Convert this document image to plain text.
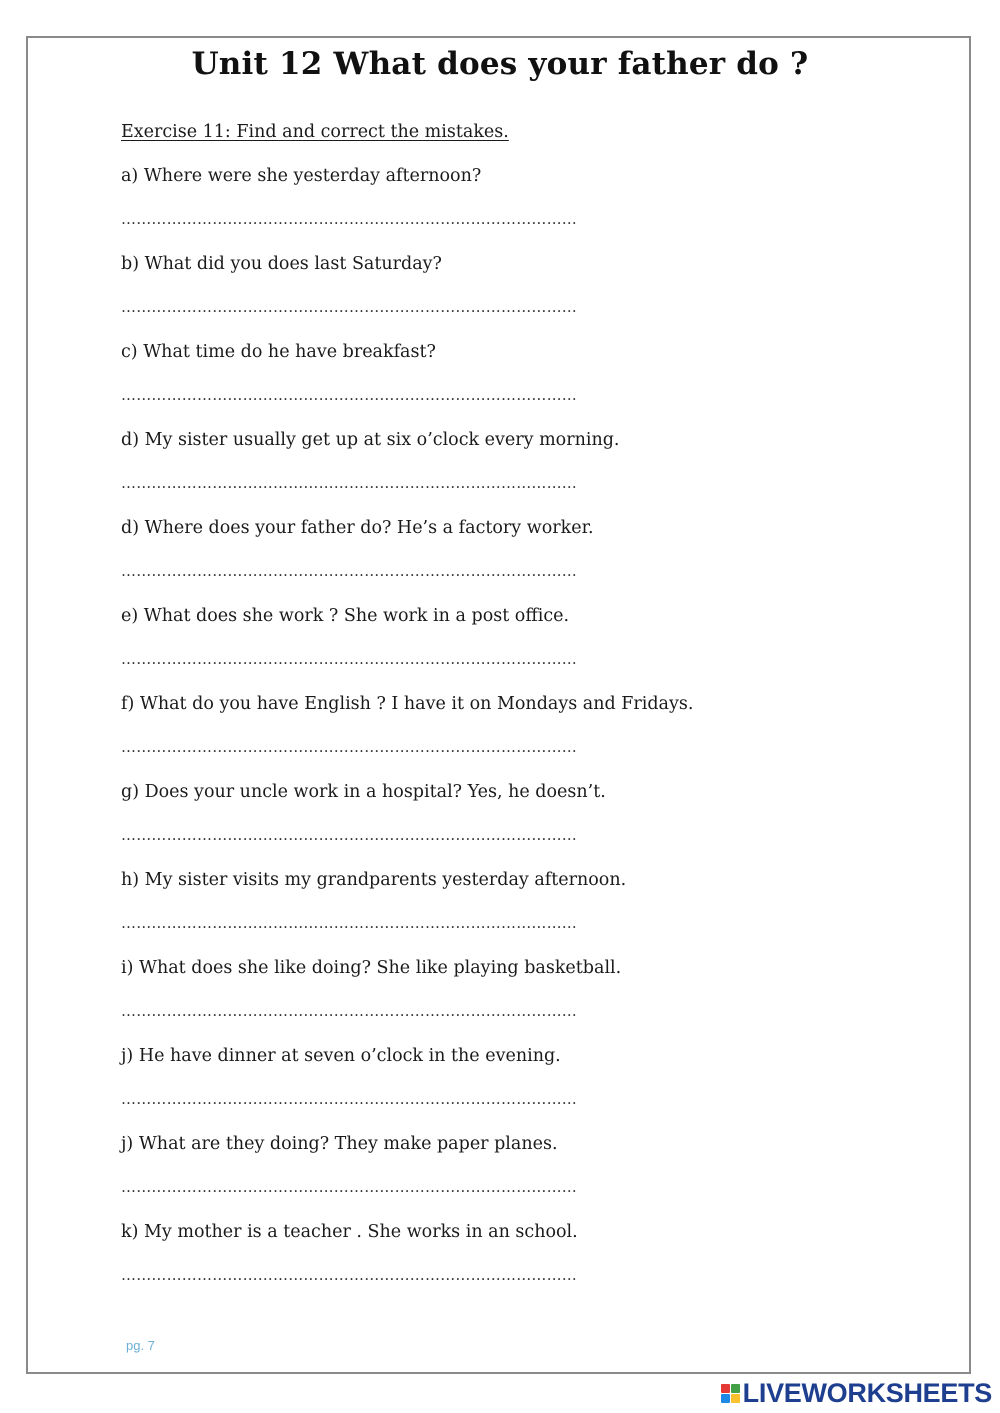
Unit 12 What does your father do ?
Exercise 11: Find and correct the mistakes.
a) Where were she yesterday afternoon?
………………………………………………………………………………
b) What did you does last Saturday?
………………………………………………………………………………
c) What time do he have breakfast?
………………………………………………………………………………
d) My sister usually get up at six o’clock every morning.
………………………………………………………………………………
d) Where does your father do? He’s a factory worker.
………………………………………………………………………………
e) What does she work ? She work in a post office.
………………………………………………………………………………
f) What do you have English ? I have it on Mondays and Fridays.
………………………………………………………………………………
g) Does your uncle work in a hospital? Yes, he doesn’t.
………………………………………………………………………………
h) My sister visits my grandparents yesterday afternoon.
………………………………………………………………………………
i) What does she like doing? She like playing basketball.
………………………………………………………………………………
j) He have dinner at seven o’clock in the evening.
………………………………………………………………………………
j) What are they doing? They make paper planes.
………………………………………………………………………………
k) My mother is a teacher . She works in an school.
………………………………………………………………………………
pg. 7
LIVEWORKSHEETS
